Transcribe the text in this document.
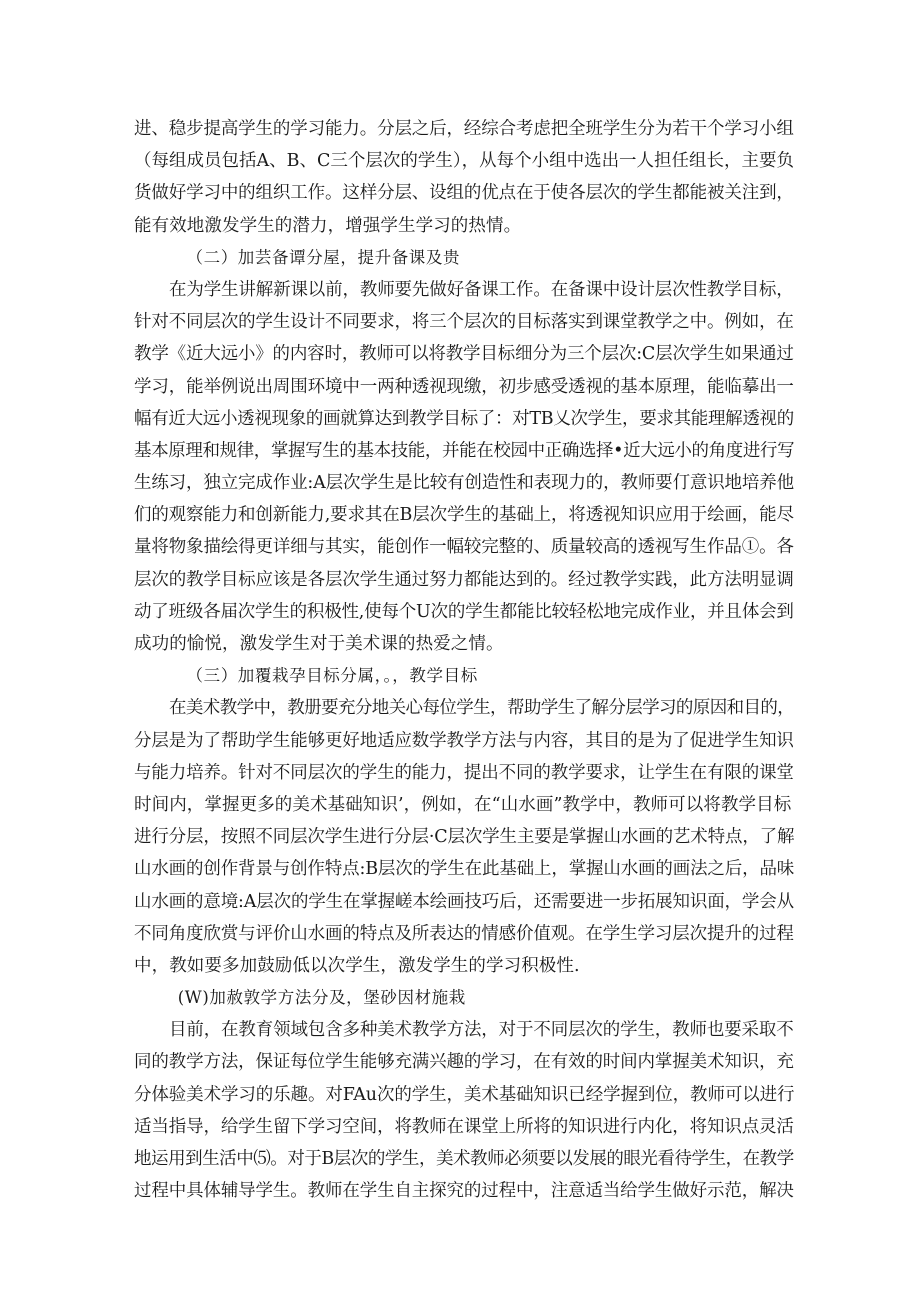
进、稳步提高学生的学习能力。分层之后，经综合考虑把全班学生分为若干个学习小组
（每组成员包括A、B、C三个层次的学生），从每个小组中选出一人担任组长，主要负
货做好学习中的组织工作。这样分层、设组的优点在于使各层次的学生都能被关注到，
能有效地激发学生的潜力，增强学生学习的热情。
（二）加芸备谭分屋，提升备课及贵
在为学生讲解新课以前，教师要先做好备课工作。在备课中设计层次性教学目标，
针对不同层次的学生设计不同要求，将三个层次的目标落实到课堂教学之中。例如，在
教学《近大远小》的内容时，教师可以将教学目标细分为三个层次:C层次学生如果通过
学习，能举例说出周围环境中一两种透视现缴，初步感受透视的基本原理，能临摹出一
幅有近大远小透视现象的画就算达到教学目标了：对TB乂次学生，要求其能理解透视的
基本原理和规律，掌握写生的基本技能，并能在校园中正确选择•近大远小的角度进行写
生练习，独立完成作业:A层次学生是比较有创造性和表现力的，教师要仃意识地培养他
们的观察能力和创新能力,要求其在B层次学生的基础上，将透视知识应用于绘画，能尽
量将物象描绘得更详细与其实，能创作一幅较完整的、质量较高的透视写生作品①。各
层次的教学目标应该是各层次学生通过努力都能达到的。经过教学实践，此方法明显调
动了班级各届次学生的积极性,使每个U次的学生都能比较轻松地完成作业，并且体会到
成功的愉悦，激发学生对于美术课的热爱之情。
（三）加覆栽孕目标分属，。，教学目标
在美术教学中，教册要充分地关心每位学生，帮助学生了解分层学习的原因和目的，
分层是为了帮助学生能够更好地适应数学教学方法与内容，其目的是为了促进学生知识
与能力培养。针对不同层次的学生的能力，提出不同的教学要求，让学生在有限的课堂
时间内，掌握更多的美术基础知识’，例如，在“山水画”教学中，教师可以将教学目标
进行分层，按照不同层次学生进行分层·C层次学生主要是掌握山水画的艺术特点，了解
山水画的创作背景与创作特点:B层次的学生在此基础上，掌握山水画的画法之后，品味
山水画的意境:A层次的学生在掌握嵯本绘画技巧后，还需要进一步拓展知识面，学会从
不同角度欣赏与评价山水画的特点及所表达的情感价值观。在学生学习层次提升的过程
中，教如要多加鼓励低以次学生，激发学生的学习积极性.
(W)加赦敦学方法分及，堡砂因材施栽
目前，在教育领域包含多种美术教学方法，对于不同层次的学生，教师也要采取不
同的教学方法，保证每位学生能够充满兴趣的学习，在有效的时间内掌握美术知识，充
分体验美术学习的乐趣。对FAu次的学生，美术基础知识已经学握到位，教师可以进行
适当指导，给学生留下学习空间，将教师在课堂上所将的知识进行内化，将知识点灵活
地运用到生活中⑸。对于B层次的学生，美术教师必须要以发展的眼光看待学生，在教学
过程中具体辅导学生。教师在学生自主探究的过程中，注意适当给学生做好示范，解决
